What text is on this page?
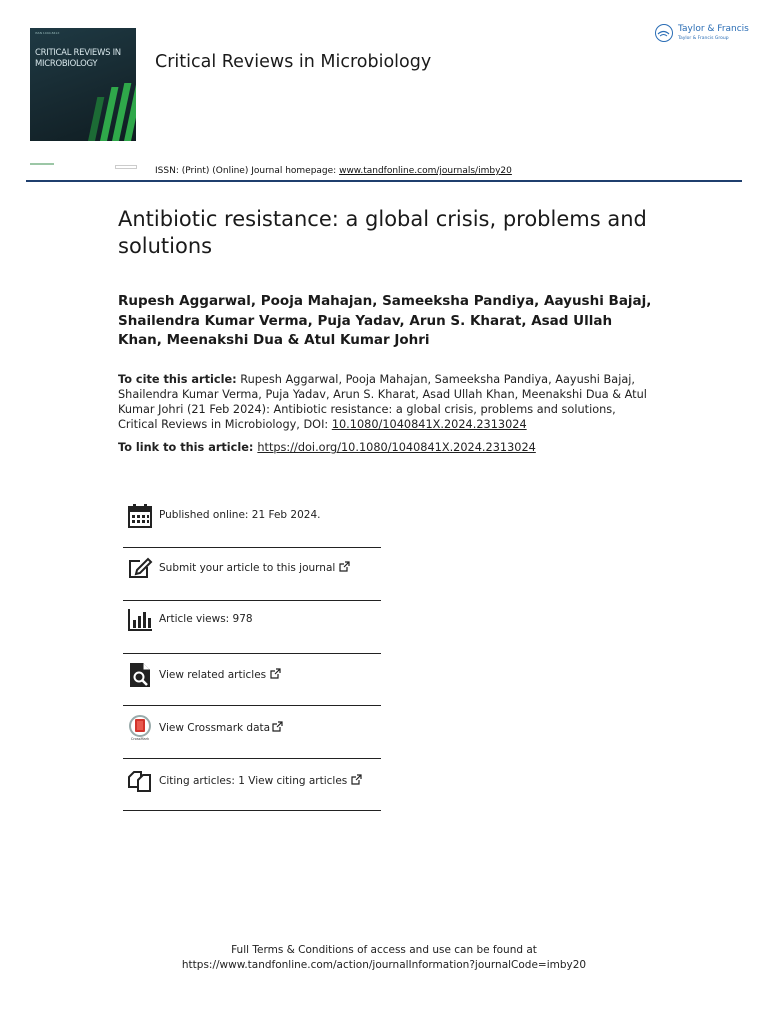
ISSN 1040-841X
CRITICAL REVIEWS IN MICROBIOLOGY	Critical Reviews in Microbiology
Taylor & Francis
Taylor & Francis Group
ISSN: (Print) (Online) Journal homepage: www.tandfonline.com/journals/imby20
Antibiotic resistance: a global crisis, problems and solutions
Rupesh Aggarwal, Pooja Mahajan, Sameeksha Pandiya, Aayushi Bajaj, Shailendra Kumar Verma, Puja Yadav, Arun S. Kharat, Asad Ullah Khan, Meenakshi Dua & Atul Kumar Johri
To cite this article: Rupesh Aggarwal, Pooja Mahajan, Sameeksha Pandiya, Aayushi Bajaj, Shailendra Kumar Verma, Puja Yadav, Arun S. Kharat, Asad Ullah Khan, Meenakshi Dua & Atul Kumar Johri (21 Feb 2024): Antibiotic resistance: a global crisis, problems and solutions, Critical Reviews in Microbiology, DOI: 10.1080/1040841X.2024.2313024
To link to this article: https://doi.org/10.1080/1040841X.2024.2313024
Published online: 21 Feb 2024.
Submit your article to this journal
Article views: 978
View related articles
CrossMark
View Crossmark data
Citing articles: 1 View citing articles
Full Terms & Conditions of access and use can be found at
https://www.tandfonline.com/action/journalInformation?journalCode=imby20
